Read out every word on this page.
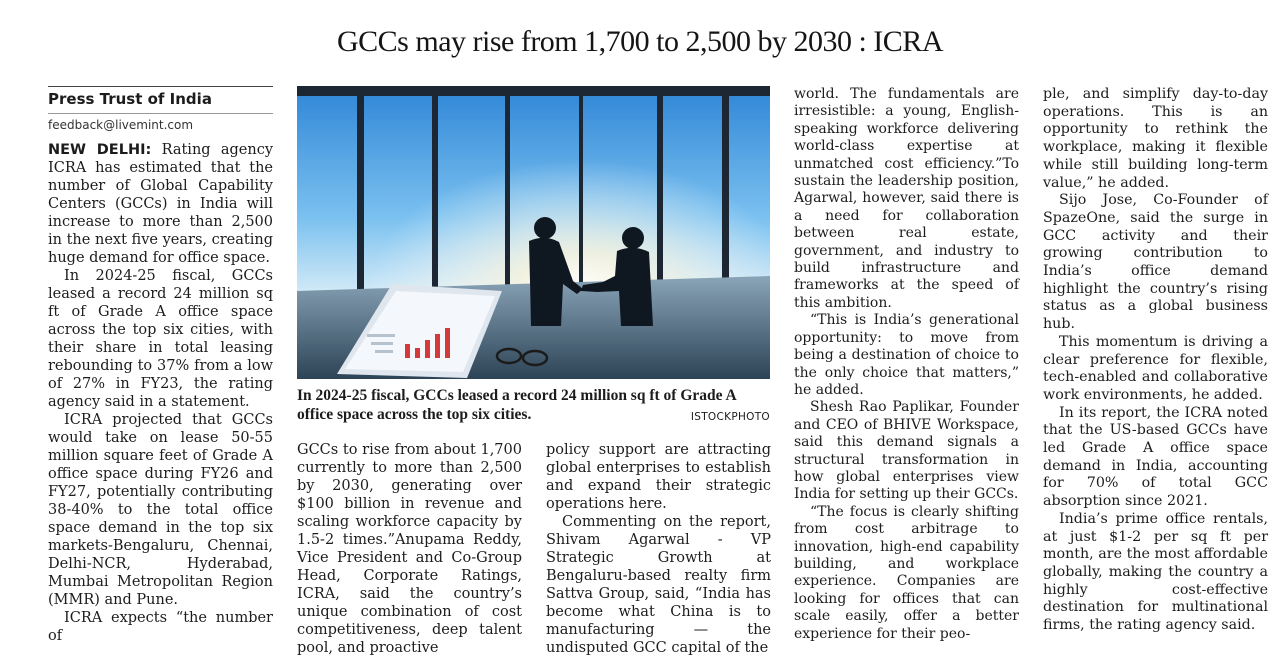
GCCs may rise from 1,700 to 2,500 by 2030 : ICRA
Press Trust of India
feedback@livemint.com

NEW DELHI: Rating agency ICRA has estimated that the number of Global Capability Centers (GCCs) in India will increase to more than 2,500 in the next five years, creating huge demand for office space.

In 2024-25 fiscal, GCCs leased a record 24 million sq ft of Grade A office space across the top six cities, with their share in total leasing rebounding to 37% from a low of 27% in FY23, the rating agency said in a statement.

ICRA projected that GCCs would take on lease 50-55 million square feet of Grade A office space during FY26 and FY27, potentially contributing 38-40% to the total office space demand in the top six markets-Bengaluru, Chennai, Delhi-NCR, Hyderabad, Mumbai Metropolitan Region (MMR) and Pune.

ICRA expects “the number of

In 2024-25 fiscal, GCCs leased a record 24 million sq ft of Grade A office space across the top six cities.	ISTOCKPHOTO

GCCs to rise from about 1,700 currently to more than 2,500 by 2030, generating over $100 billion in revenue and scaling workforce capacity by 1.5-2 times.”Anupama Reddy, Vice President and Co-Group Head, Corporate Ratings, ICRA, said the country’s unique combination of cost competitiveness, deep talent pool, and proactive

policy support are attracting global enterprises to establish and expand their strategic operations here.

Commenting on the report, Shivam Agarwal - VP Strategic Growth at Bengaluru-based realty firm Sattva Group, said, “India has become what China is to manufacturing — the undisputed GCC capital of the

world. The fundamentals are irresistible: a young, English-speaking workforce delivering world-class expertise at unmatched cost efficiency.”To sustain the leadership position, Agarwal, however, said there is a need for collaboration between real estate, government, and industry to build infrastructure and frameworks at the speed of this ambition.

“This is India’s generational opportunity: to move from being a destination of choice to the only choice that matters,” he added.

Shesh Rao Paplikar, Founder and CEO of BHIVE Workspace, said this demand signals a structural transformation in how global enterprises view India for setting up their GCCs.

“The focus is clearly shifting from cost arbitrage to innovation, high-end capability building, and workplace experience. Companies are looking for offices that can scale easily, offer a better experience for their peo-

ple, and simplify day-to-day operations. This is an opportunity to rethink the workplace, making it flexible while still building long-term value,” he added.

Sijo Jose, Co-Founder of SpazeOne, said the surge in GCC activity and their growing contribution to India’s office demand highlight the country’s rising status as a global business hub.

This momentum is driving a clear preference for flexible, tech-enabled and collaborative work environments, he added.

In its report, the ICRA noted that the US-based GCCs have led Grade A office space demand in India, accounting for 70% of total GCC absorption since 2021.

India’s prime office rentals, at just $1-2 per sq ft per month, are the most affordable globally, making the country a highly cost-effective destination for multinational firms, the rating agency said.
